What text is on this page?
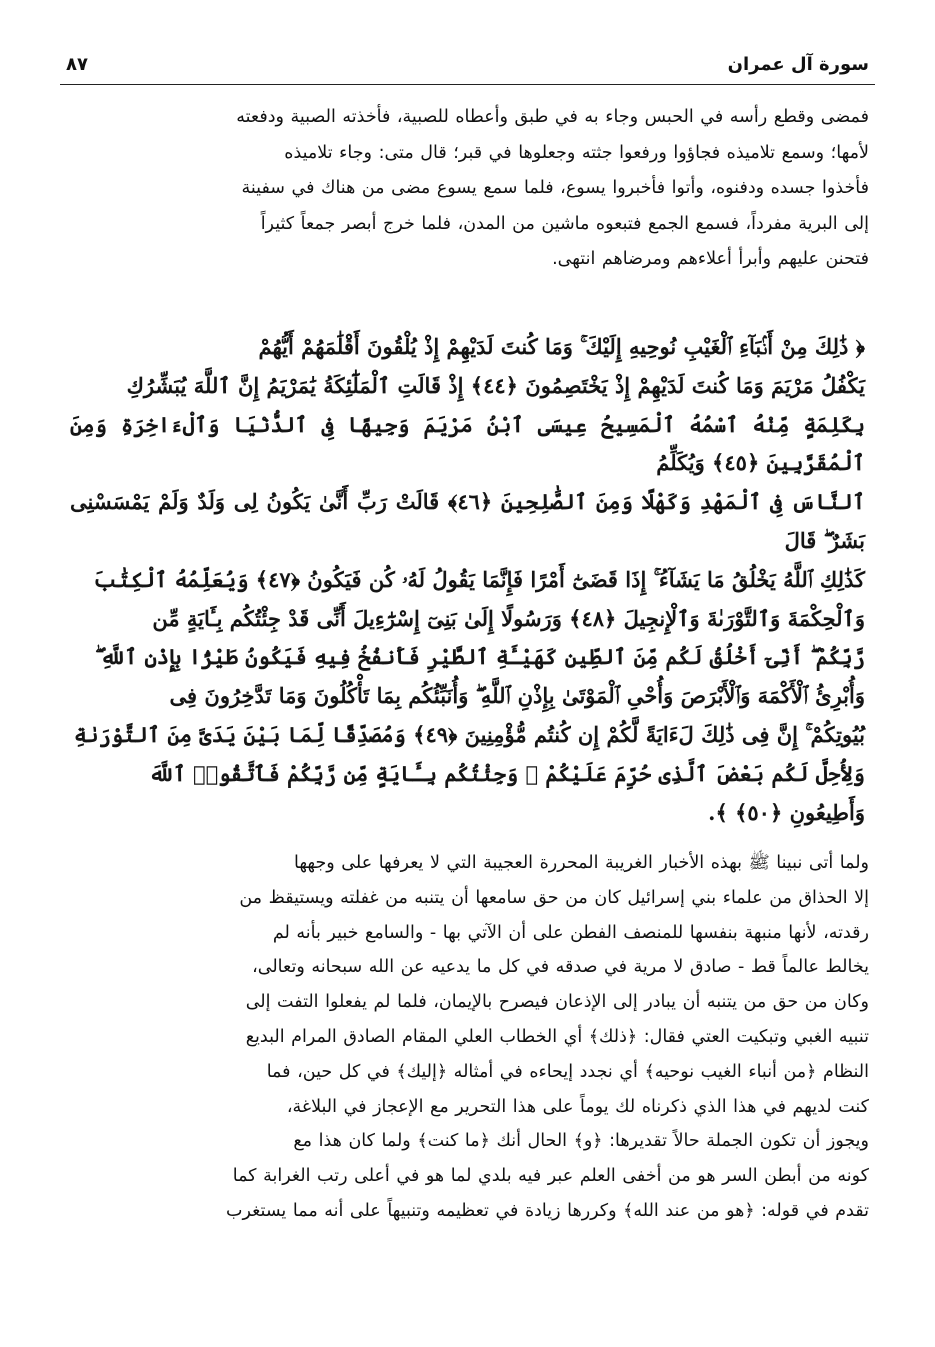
سورة آل عمران
٨٧
فمضى وقطع رأسه في الحبس وجاء به في طبق وأعطاه للصبية، فأخذته الصبية ودفعته
لأمها؛ وسمع تلاميذه فجاؤوا ورفعوا جثته وجعلوها في قبر؛ قال متى: وجاء تلاميذه
فأخذوا جسده ودفنوه، وأتوا فأخبروا يسوع، فلما سمع يسوع مضى من هناك في سفينة
إلى البرية مفرداً، فسمع الجمع فتبعوه ماشين من المدن، فلما خرج أبصر جمعاً كثيراً
فتحنن عليهم وأبرأ أعلاءهم ومرضاهم انتهى.
﴿ ذَٰلِكَ مِنْ أَنۢبَآءِ ٱلْغَيْبِ نُوحِيهِ إِلَيْكَ ۚ وَمَا كُنتَ لَدَيْهِمْ إِذْ يُلْقُونَ أَقْلَٰمَهُمْ أَيُّهُمْ
يَكْفُلُ مَرْيَمَ وَمَا كُنتَ لَدَيْهِمْ إِذْ يَخْتَصِمُونَ ﴿٤٤﴾ إِذْ قَالَتِ ٱلْمَلَٰٓئِكَةُ يَٰمَرْيَمُ إِنَّ ٱللَّهَ يُبَشِّرُكِ
بِكَلِمَةٍ مِّنْهُ ٱسْمُهُ ٱلْمَسِيحُ عِيسَى ٱبْنُ مَرْيَمَ وَجِيهًا فِى ٱلدُّنْيَا وَٱلْءَاخِرَةِ وَمِنَ ٱلْمُقَرَّبِينَ ﴿٤٥﴾ وَيُكَلِّمُ
ٱلنَّاسَ فِى ٱلْمَهْدِ وَكَهْلًا وَمِنَ ٱلصَّٰلِحِينَ ﴿٤٦﴾ قَالَتْ رَبِّ أَنَّىٰ يَكُونُ لِى وَلَدٌ وَلَمْ يَمْسَسْنِى بَشَرٌ ۖ قَالَ
كَذَٰلِكِ ٱللَّهُ يَخْلُقُ مَا يَشَآءُ ۚ إِذَا قَضَىٰٓ أَمْرًا فَإِنَّمَا يَقُولُ لَهُۥ كُن فَيَكُونُ ﴿٤٧﴾ وَيُعَلِّمُهُ ٱلْكِتَٰبَ
وَٱلْحِكْمَةَ وَٱلتَّوْرَىٰةَ وَٱلْإِنجِيلَ ﴿٤٨﴾ وَرَسُولًا إِلَىٰ بَنِىٓ إِسْرَٰٓءِيلَ أَنِّى قَدْ جِئْتُكُم بِـَٔايَةٍ مِّن
رَّبِّكُمْ ۖ أَنِّىٓ أَخْلُقُ لَكُم مِّنَ ٱلطِّينِ كَهَيْـَٔةِ ٱلطَّيْرِ فَأَنفُخُ فِيهِ فَيَكُونُ طَيْرًۢا بِإِذْنِ ٱللَّهِ ۖ
وَأُبْرِئُ ٱلْأَكْمَهَ وَٱلْأَبْرَصَ وَأُحْىِ ٱلْمَوْتَىٰ بِإِذْنِ ٱللَّهِ ۖ وَأُنَبِّئُكُم بِمَا تَأْكُلُونَ وَمَا تَدَّخِرُونَ فِى
بُيُوتِكُمْ ۚ إِنَّ فِى ذَٰلِكَ لَءَايَةً لَّكُمْ إِن كُنتُم مُّؤْمِنِينَ ﴿٤٩﴾ وَمُصَدِّقًا لِّمَا بَيْنَ يَدَىَّ مِنَ ٱلتَّوْرَىٰةِ
وَلِأُحِلَّ لَكُم بَعْضَ ٱلَّذِى حُرِّمَ عَلَيْكُمْ ۚ وَجِئْتُكُم بِـَٔايَةٍ مِّن رَّبِّكُمْ فَٱتَّقُوا۟ ٱللَّهَ
وَأَطِيعُونِ ﴿٥٠﴾ ﴾.
ولما أتى نبينا ﷺ بهذه الأخبار الغريبة المحررة العجيبة التي لا يعرفها على وجهها
إلا الحذاق من علماء بني إسرائيل كان من حق سامعها أن يتنبه من غفلته ويستيقظ من
رقدته، لأنها منبهة بنفسها للمنصف الفطن على أن الآتي بها - والسامع خبير بأنه لم
يخالط عالماً قط - صادق لا مرية في صدقه في كل ما يدعيه عن الله سبحانه وتعالى،
وكان من حق من يتنبه أن يبادر إلى الإذعان فيصرح بالإيمان، فلما لم يفعلوا التفت إلى
تنبيه الغبي وتبكيت العتي فقال: ﴿ذلك﴾ أي الخطاب العلي المقام الصادق المرام البديع
النظام ﴿من أنباء الغيب نوحيه﴾ أي نجدد إيحاءه في أمثاله ﴿إليك﴾ في كل حين، فما
كنت لديهم في هذا الذي ذكرناه لك يوماً على هذا التحرير مع الإعجاز في البلاغة،
ويجوز أن تكون الجملة حالاً تقديرها: ﴿و﴾ الحال أنك ﴿ما كنت﴾ ولما كان هذا مع
كونه من أبطن السر هو من أخفى العلم عبر فيه بلدي لما هو في أعلى رتب الغرابة كما
تقدم في قوله: ﴿هو من عند الله﴾ وكررها زيادة في تعظيمه وتنبيهاً على أنه مما يستغرب
